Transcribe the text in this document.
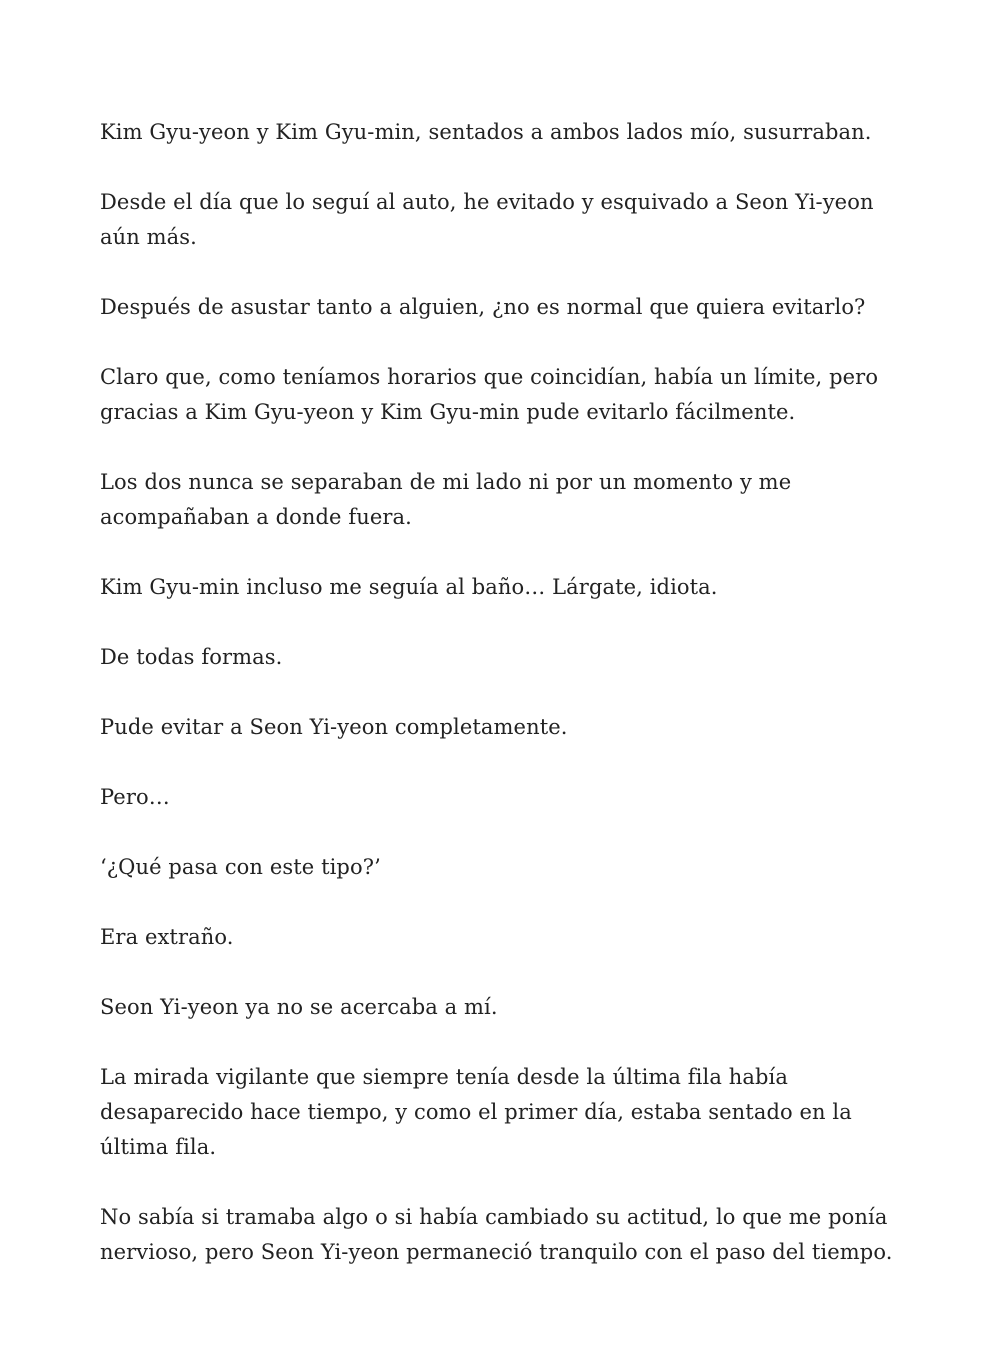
Kim Gyu-yeon y Kim Gyu-min, sentados a ambos lados mío, susurraban.

Desde el día que lo seguí al auto, he evitado y esquivado a Seon Yi-yeon aún más.

Después de asustar tanto a alguien, ¿no es normal que quiera evitarlo?

Claro que, como teníamos horarios que coincidían, había un límite, pero gracias a Kim Gyu-yeon y Kim Gyu-min pude evitarlo fácilmente.

Los dos nunca se separaban de mi lado ni por un momento y me acompañaban a donde fuera.

Kim Gyu-min incluso me seguía al baño… Lárgate, idiota.

De todas formas.

Pude evitar a Seon Yi-yeon completamente.

Pero…

‘¿Qué pasa con este tipo?’

Era extraño.

Seon Yi-yeon ya no se acercaba a mí.

La mirada vigilante que siempre tenía desde la última fila había desaparecido hace tiempo, y como el primer día, estaba sentado en la última fila.

No sabía si tramaba algo o si había cambiado su actitud, lo que me ponía nervioso, pero Seon Yi-yeon permaneció tranquilo con el paso del tiempo.
